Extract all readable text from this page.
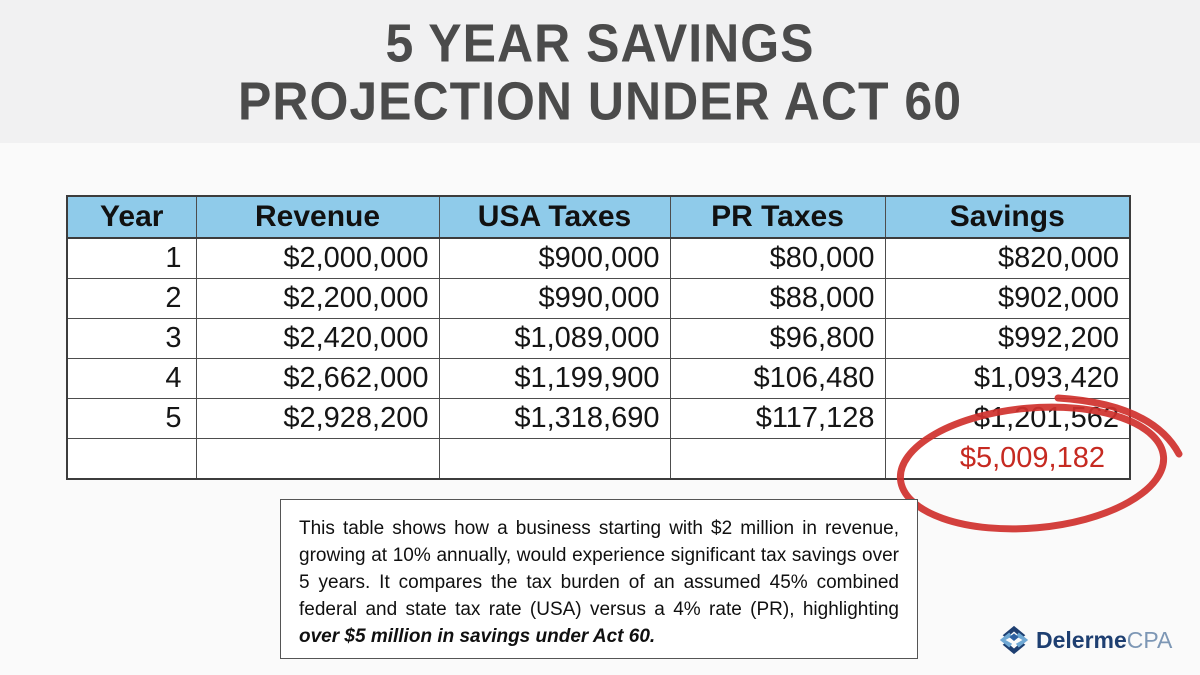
5 YEAR SAVINGS
PROJECTION UNDER ACT 60
Year	Revenue	USA Taxes	PR Taxes	Savings
1	$2,000,000	$900,000	$80,000	$820,000
2	$2,200,000	$990,000	$88,000	$902,000
3	$2,420,000	$1,089,000	$96,800	$992,200
4	$2,662,000	$1,199,900	$106,480	$1,093,420
5	$2,928,200	$1,318,690	$117,128	$1,201,562
				$5,009,182

This table shows how a business starting with $2 million in revenue, growing at 10% annually, would experience significant tax savings over 5 years. It compares the tax burden of an assumed 45% combined federal and state tax rate (USA) versus a 4% rate (PR), highlighting over $5 million in savings under Act 60.	DelermeCPA
